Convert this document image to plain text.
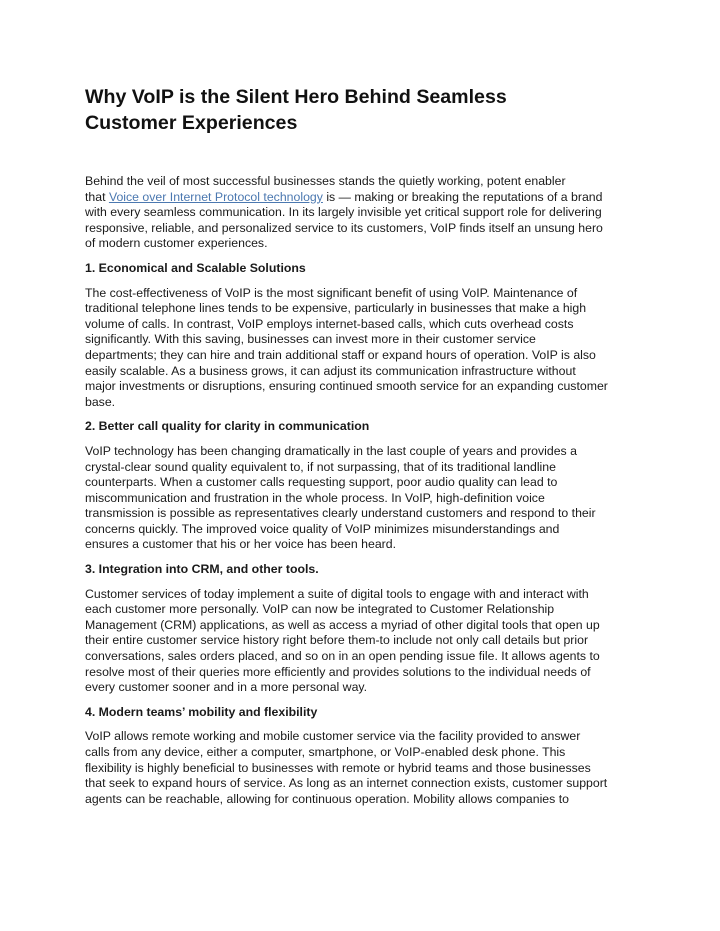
Why VoIP is the Silent Hero Behind Seamless
Customer Experiences

Behind the veil of most successful businesses stands the quietly working, potent enabler
that Voice over Internet Protocol technology is — making or breaking the reputations of a brand
with every seamless communication. In its largely invisible yet critical support role for delivering
responsive, reliable, and personalized service to its customers, VoIP finds itself an unsung hero
of modern customer experiences.

1. Economical and Scalable Solutions

The cost-effectiveness of VoIP is the most significant benefit of using VoIP. Maintenance of
traditional telephone lines tends to be expensive, particularly in businesses that make a high
volume of calls. In contrast, VoIP employs internet-based calls, which cuts overhead costs
significantly. With this saving, businesses can invest more in their customer service
departments; they can hire and train additional staff or expand hours of operation. VoIP is also
easily scalable. As a business grows, it can adjust its communication infrastructure without
major investments or disruptions, ensuring continued smooth service for an expanding customer
base.

2. Better call quality for clarity in communication

VoIP technology has been changing dramatically in the last couple of years and provides a
crystal-clear sound quality equivalent to, if not surpassing, that of its traditional landline
counterparts. When a customer calls requesting support, poor audio quality can lead to
miscommunication and frustration in the whole process. In VoIP, high-definition voice
transmission is possible as representatives clearly understand customers and respond to their
concerns quickly. The improved voice quality of VoIP minimizes misunderstandings and
ensures a customer that his or her voice has been heard.

3. Integration into CRM, and other tools.

Customer services of today implement a suite of digital tools to engage with and interact with
each customer more personally. VoIP can now be integrated to Customer Relationship
Management (CRM) applications, as well as access a myriad of other digital tools that open up
their entire customer service history right before them-to include not only call details but prior
conversations, sales orders placed, and so on in an open pending issue file. It allows agents to
resolve most of their queries more efficiently and provides solutions to the individual needs of
every customer sooner and in a more personal way.

4. Modern teams’ mobility and flexibility

VoIP allows remote working and mobile customer service via the facility provided to answer
calls from any device, either a computer, smartphone, or VoIP-enabled desk phone. This
flexibility is highly beneficial to businesses with remote or hybrid teams and those businesses
that seek to expand hours of service. As long as an internet connection exists, customer support
agents can be reachable, allowing for continuous operation. Mobility allows companies to
